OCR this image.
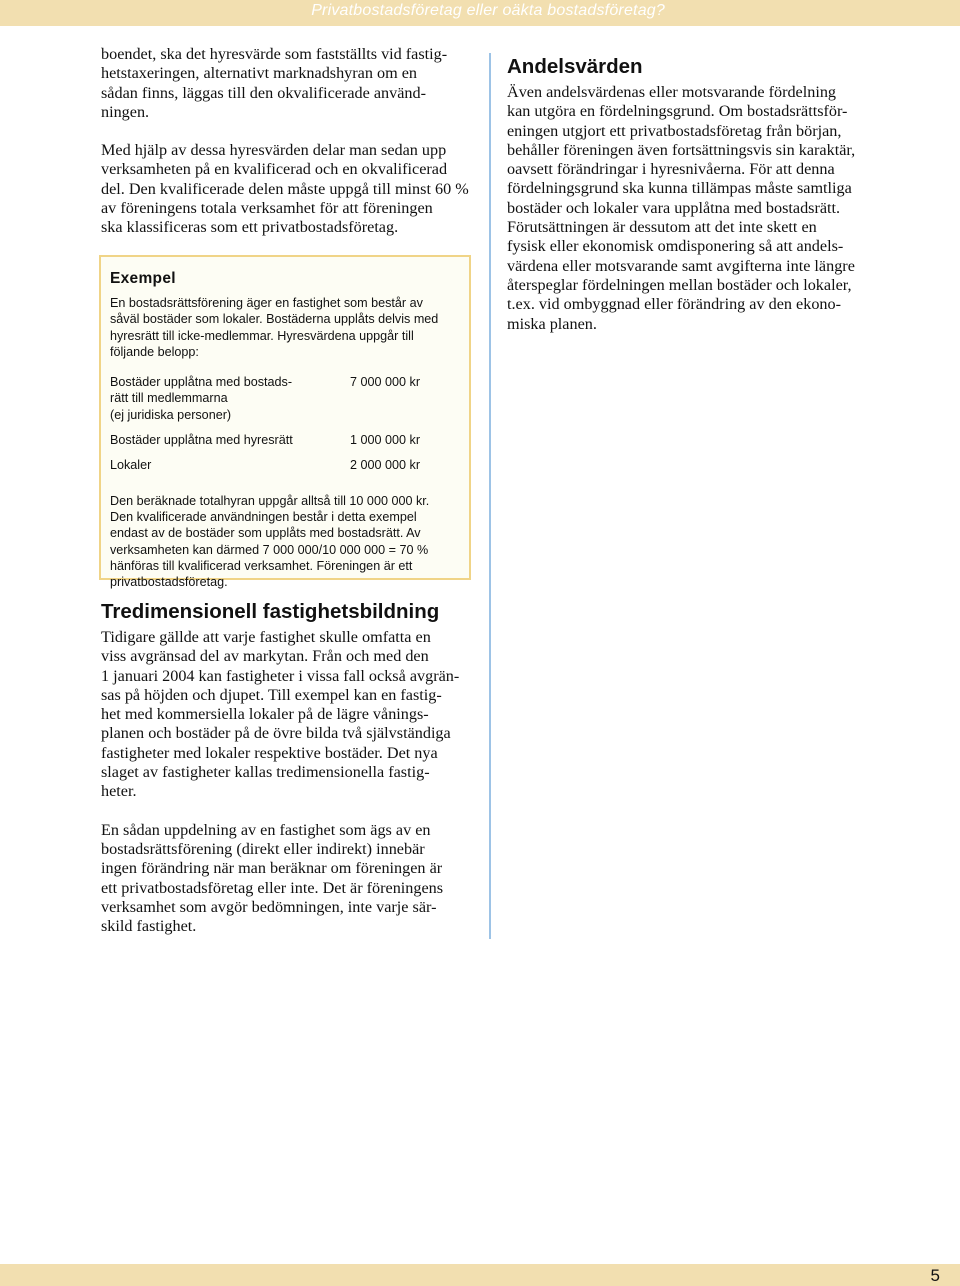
Privatbostadsföretag eller oäkta bostadsföretag?

boendet, ska det hyresvärde som fastställts vid fastig-
hetstaxeringen, alternativt marknadshyran om en
sådan finns, läggas till den okvalificerade använd-
ningen.

Med hjälp av dessa hyresvärden delar man sedan upp
verksamheten på en kvalificerad och en okvalificerad
del. Den kvalificerade delen måste uppgå till minst 60 %
av föreningens totala verksamhet för att föreningen
ska klassificeras som ett privatbostadsföretag.

Exempel

En bostadsrättsförening äger en fastighet som består av
såväl bostäder som lokaler. Bostäderna upplåts delvis med
hyresrätt till icke-medlemmar. Hyresvärdena uppgår till
följande belopp:

Bostäder upplåtna med bostads-
rätt till medlemmarna
(ej juridiska personer)	7 000 000 kr
Bostäder upplåtna med hyresrätt	1 000 000 kr
Lokaler	2 000 000 kr

Den beräknade totalhyran uppgår alltså till 10 000 000 kr.
Den kvalificerade användningen består i detta exempel
endast av de bostäder som upplåts med bostadsrätt. Av
verksamheten kan därmed 7 000 000/10 000 000 = 70 %
hänföras till kvalificerad verksamhet. Föreningen är ett
privatbostadsföretag.

Tredimensionell fastighetsbildning

Tidigare gällde att varje fastighet skulle omfatta en
viss avgränsad del av markytan. Från och med den
1 januari 2004 kan fastigheter i vissa fall också avgrän-
sas på höjden och djupet. Till exempel kan en fastig-
het med kommersiella lokaler på de lägre vånings-
planen och bostäder på de övre bilda två självständiga
fastigheter med lokaler respektive bostäder. Det nya
slaget av fastigheter kallas tredimensionella fastig-
heter.

En sådan uppdelning av en fastighet som ägs av en
bostadsrättsförening (direkt eller indirekt) innebär
ingen förändring när man beräknar om föreningen är
ett privatbostadsföretag eller inte. Det är föreningens
verksamhet som avgör bedömningen, inte varje sär-
skild fastighet.

Andelsvärden

Även andelsvärdenas eller motsvarande fördelning
kan utgöra en fördelningsgrund. Om bostadsrättsför-
eningen utgjort ett privatbostadsföretag från början,
behåller föreningen även fortsättningsvis sin karaktär,
oavsett förändringar i hyresnivåerna. För att denna
fördelningsgrund ska kunna tillämpas måste samtliga
bostäder och lokaler vara upplåtna med bostadsrätt.
Förutsättningen är dessutom att det inte skett en
fysisk eller ekonomisk omdisponering så att andels-
värdena eller motsvarande samt avgifterna inte längre
återspeglar fördelningen mellan bostäder och lokaler,
t.ex. vid ombyggnad eller förändring av den ekono-
miska planen.

5
